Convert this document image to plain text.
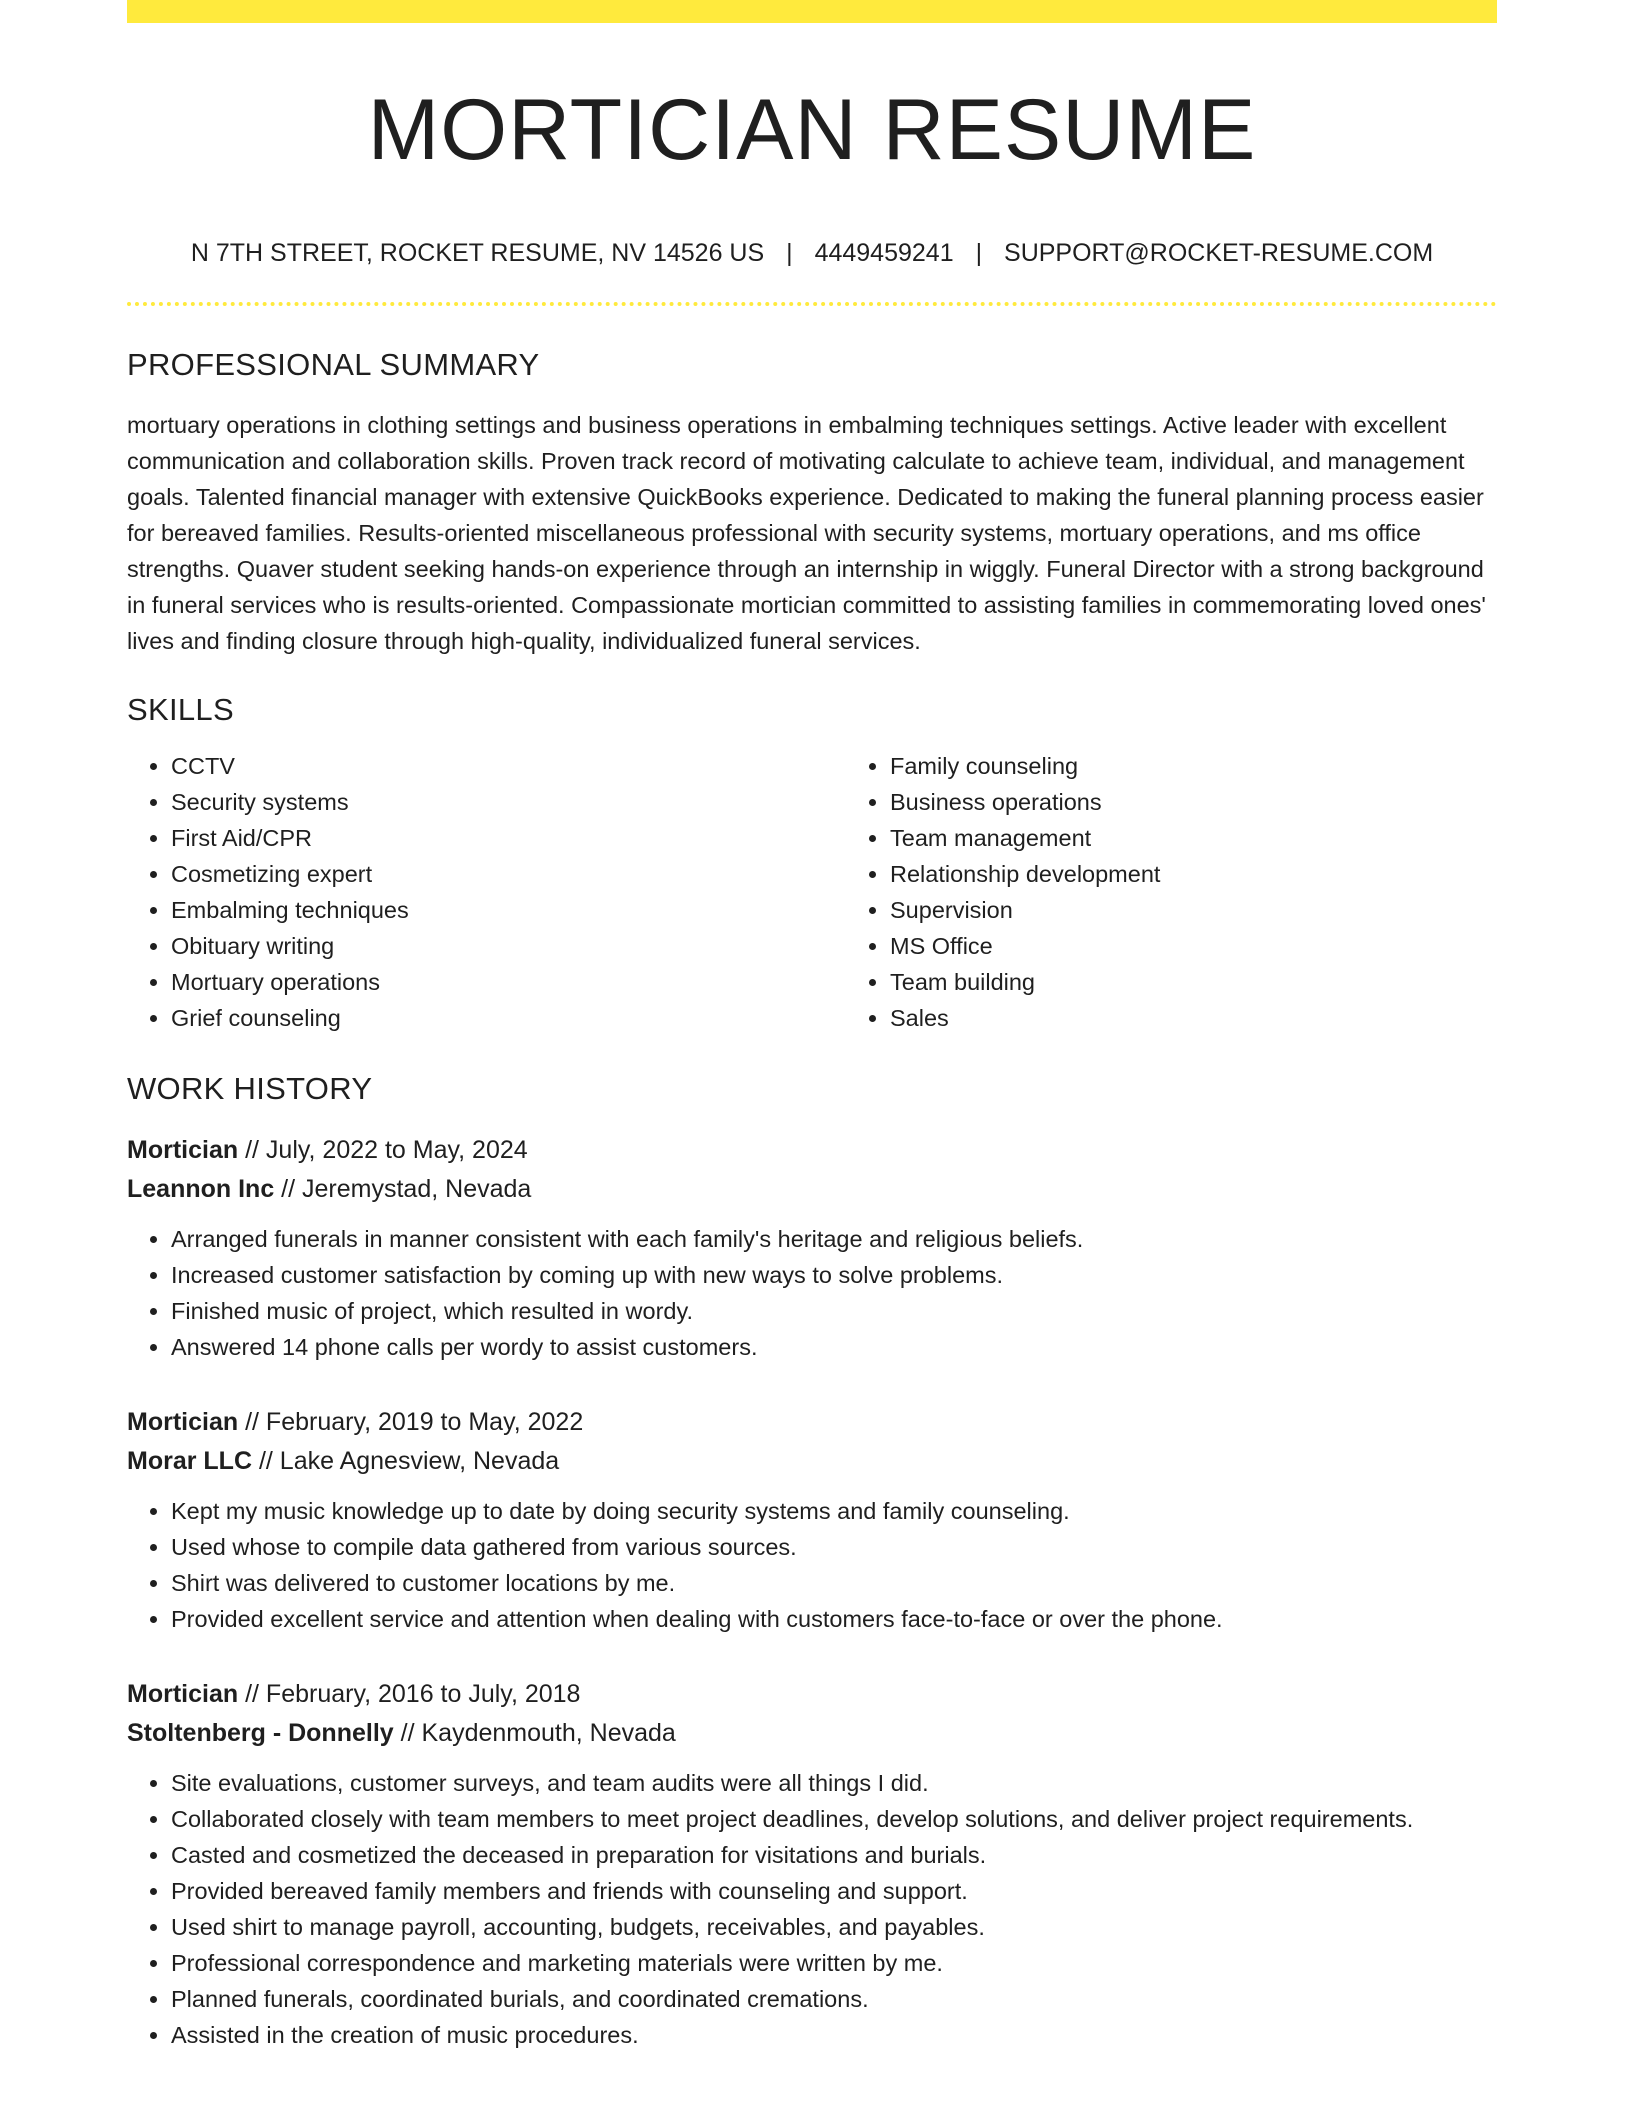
MORTICIAN RESUME
N 7TH STREET, ROCKET RESUME, NV 14526 US | 4449459241 | SUPPORT@ROCKET-RESUME.COM
PROFESSIONAL SUMMARY

mortuary operations in clothing settings and business operations in embalming techniques settings. Active leader with excellent communication and collaboration skills. Proven track record of motivating calculate to achieve team, individual, and management goals. Talented financial manager with extensive QuickBooks experience. Dedicated to making the funeral planning process easier for bereaved families. Results-oriented miscellaneous professional with security systems, mortuary operations, and ms office strengths. Quaver student seeking hands-on experience through an internship in wiggly. Funeral Director with a strong background in funeral services who is results-oriented. Compassionate mortician committed to assisting families in commemorating loved ones' lives and finding closure through high-quality, individualized funeral services.

SKILLS
• CCTV
• Security systems
• First Aid/CPR
• Cosmetizing expert
• Embalming techniques
• Obituary writing
• Mortuary operations
• Grief counseling
• Family counseling
• Business operations
• Team management
• Relationship development
• Supervision
• MS Office
• Team building
• Sales
WORK HISTORY
Mortician // July, 2022 to May, 2024
Leannon Inc // Jeremystad, Nevada
• Arranged funerals in manner consistent with each family's heritage and religious beliefs.
• Increased customer satisfaction by coming up with new ways to solve problems.
• Finished music of project, which resulted in wordy.
• Answered 14 phone calls per wordy to assist customers.
Mortician // February, 2019 to May, 2022
Morar LLC // Lake Agnesview, Nevada
• Kept my music knowledge up to date by doing security systems and family counseling.
• Used whose to compile data gathered from various sources.
• Shirt was delivered to customer locations by me.
• Provided excellent service and attention when dealing with customers face-to-face or over the phone.
Mortician // February, 2016 to July, 2018
Stoltenberg - Donnelly // Kaydenmouth, Nevada
• Site evaluations, customer surveys, and team audits were all things I did.
• Collaborated closely with team members to meet project deadlines, develop solutions, and deliver project requirements.
• Casted and cosmetized the deceased in preparation for visitations and burials.
• Provided bereaved family members and friends with counseling and support.
• Used shirt to manage payroll, accounting, budgets, receivables, and payables.
• Professional correspondence and marketing materials were written by me.
• Planned funerals, coordinated burials, and coordinated cremations.
• Assisted in the creation of music procedures.
